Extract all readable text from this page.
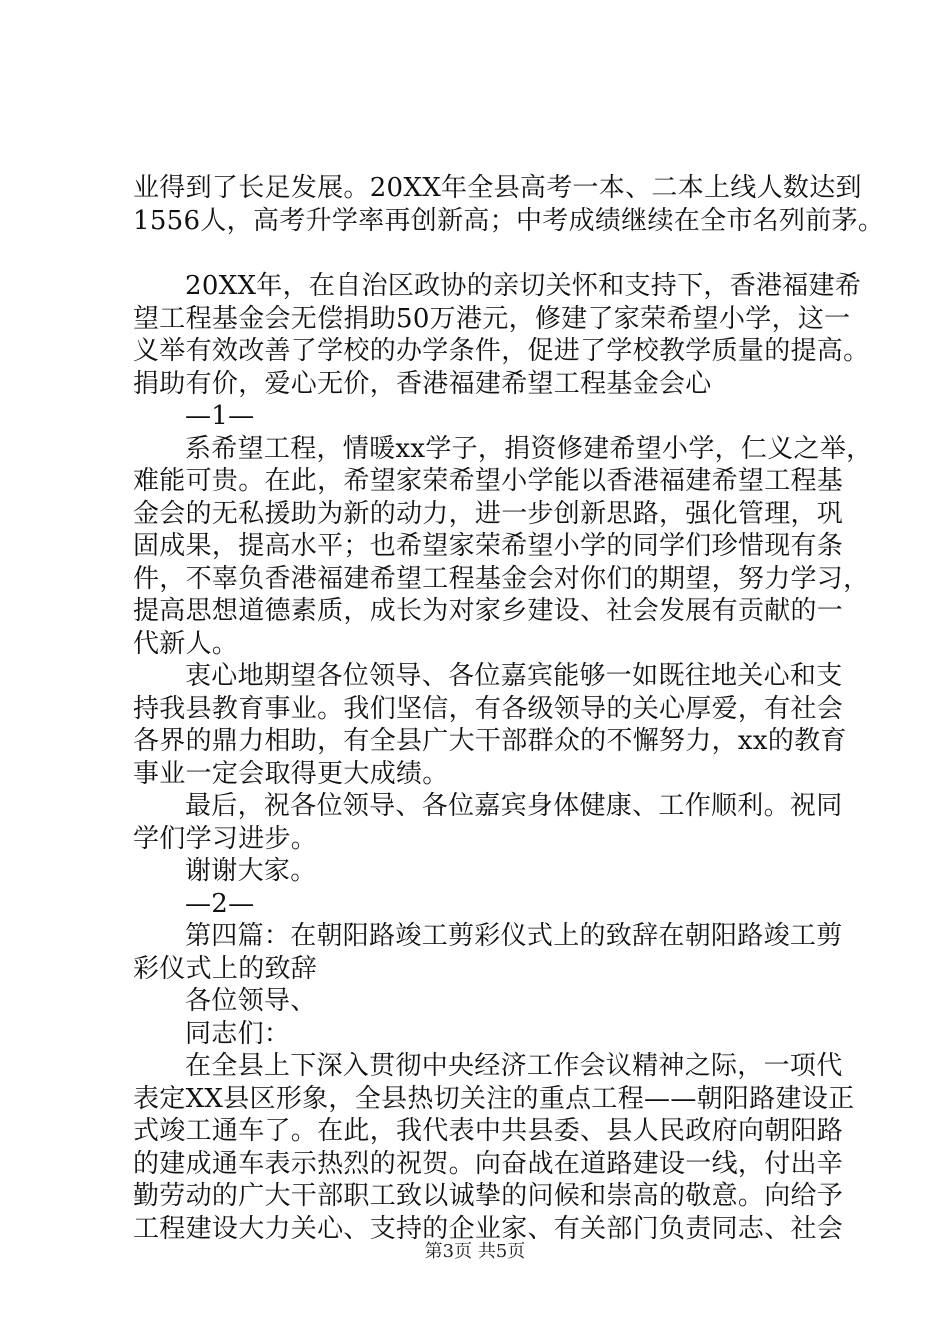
业得到了长足发展。20XX年全县高考一本、二本上线人数达到
1556人，高考升学率再创新高；中考成绩继续在全市名列前茅。
20XX年，在自治区政协的亲切关怀和支持下，香港福建希
望工程基金会无偿捐助50万港元，修建了家荣希望小学，这一
义举有效改善了学校的办学条件，促进了学校教学质量的提高。
捐助有价，爱心无价，香港福建希望工程基金会心
—1—
系希望工程，情暖xx学子，捐资修建希望小学，仁义之举，
难能可贵。在此，希望家荣希望小学能以香港福建希望工程基
金会的无私援助为新的动力，进一步创新思路，强化管理，巩
固成果，提高水平；也希望家荣希望小学的同学们珍惜现有条
件，不辜负香港福建希望工程基金会对你们的期望，努力学习，
提高思想道德素质，成长为对家乡建设、社会发展有贡献的一
代新人。
衷心地期望各位领导、各位嘉宾能够一如既往地关心和支
持我县教育事业。我们坚信，有各级领导的关心厚爱，有社会
各界的鼎力相助，有全县广大干部群众的不懈努力，xx的教育
事业一定会取得更大成绩。
最后，祝各位领导、各位嘉宾身体健康、工作顺利。祝同
学们学习进步。
谢谢大家。
—2—
第四篇：在朝阳路竣工剪彩仪式上的致辞在朝阳路竣工剪
彩仪式上的致辞
各位领导、
同志们：
在全县上下深入贯彻中央经济工作会议精神之际，一项代
表定XX县区形象，全县热切关注的重点工程——朝阳路建设正
式竣工通车了。在此，我代表中共县委、县人民政府向朝阳路
的建成通车表示热烈的祝贺。向奋战在道路建设一线，付出辛
勤劳动的广大干部职工致以诚挚的问候和崇高的敬意。向给予
工程建设大力关心、支持的企业家、有关部门负责同志、社会
第3页 共5页
